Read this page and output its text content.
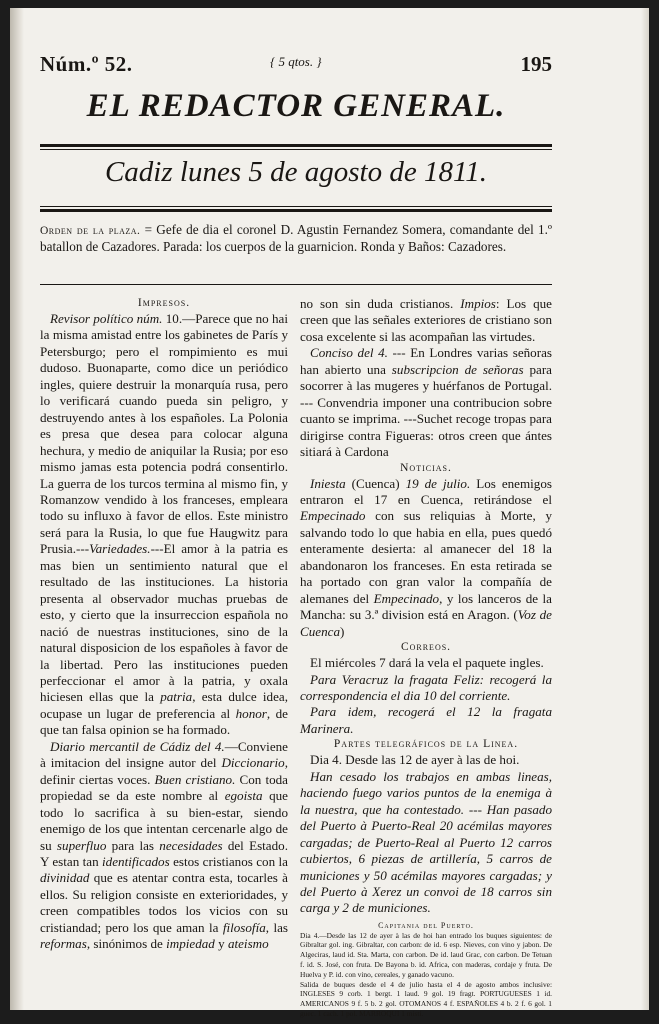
Núm.º 52.	{ 5 qtos. }	195
EL REDACTOR GENERAL.
Cadiz lunes 5 de agosto de 1811.
Orden de la plaza. = Gefe de dia el coronel D. Agustin Fernandez Somera, comandante del 1.º batallon de Cazadores. Parada: los cuerpos de la guarnicion. Ronda y Baños: Cazadores.
Impresos.

Revisor político núm. 10.—Parece que no hai la misma amistad entre los gabinetes de París y Petersburgo; pero el rompimiento es mui dudoso. Buonaparte, como dice un periódico ingles, quiere destruir la monarquía rusa, pero lo verificará cuando pueda sin peligro, y destruyendo antes à los españoles. La Polonia es presa que desea para colocar alguna hechura, y medio de aniquilar la Rusia; por eso mismo jamas esta potencia podrá consentirlo. La guerra de los turcos termina al mismo fin, y Romanzow vendido à los franceses, empleara todo su influxo à favor de ellos. Este ministro será para la Rusia, lo que fue Haugwitz para Prusia.---Variedades.---El amor à la patria es mas bien un sentimiento natural que el resultado de las instituciones. La historia presenta al observador muchas pruebas de esto, y cierto que la insurreccion española no nació de nuestras instituciones, sino de la natural disposicion de los españoles à favor de la libertad. Pero las instituciones pueden perfeccionar el amor à la patria, y oxala hiciesen ellas que la patria, esta dulce idea, ocupase un lugar de preferencia al honor, de que tan falsa opinion se ha formado.

Diario mercantil de Cádiz del 4.—Conviene à imitacion del insigne autor del Diccionario, definir ciertas voces. Buen cristiano. Con toda propiedad se da este nombre al egoista que todo lo sacrifica à su bien-estar, siendo enemigo de los que intentan cercenarle algo de su superfluo para las necesidades del Estado. Y estan tan identificados estos cristianos con la divinidad que es atentar contra esta, tocarles à ellos. Su religion consiste en exterioridades, y creen compatibles todos los vicios con su cristiandad; pero los que aman la filosofía, las reformas, sinónimos de impiedad y ateismo

no son sin duda cristianos. Impios: Los que creen que las señales exteriores de cristiano son cosa excelente si las acompañan las virtudes.

Conciso del 4. --- En Londres varias señoras han abierto una subscripcion de señoras para socorrer à las mugeres y huérfanos de Portugal. --- Convendria imponer una contribucion sobre cuanto se imprima. ---Suchet recoge tropas para dirigirse contra Figueras: otros creen que ántes sitiará à Cardona

Noticias.

Iniesta (Cuenca) 19 de julio. Los enemigos entraron el 17 en Cuenca, retirándose el Empecinado con sus reliquias à Morte, y salvando todo lo que habia en ella, pues quedó enteramente desierta: al amanecer del 18 la abandonaron los franceses. En esta retirada se ha portado con gran valor la compañía de alemanes del Empecinado, y los lanceros de la Mancha: su 3.ª division está en Aragon. (Voz de Cuenca)

Correos.

El miércoles 7 dará la vela el paquete ingles.

Para Veracruz la fragata Feliz: recogerá la correspondencia el dia 10 del corriente.

Para idem, recogerá el 12 la fragata Marinera.

Partes telegráficos de la Linea.

Dia 4. Desde las 12 de ayer à las de hoi.

Han cesado los trabajos en ambas lineas, haciendo fuego varios puntos de la enemiga à la nuestra, que ha contestado. --- Han pasado del Puerto à Puerto-Real 20 acémilas mayores cargadas; de Puerto-Real al Puerto 12 carros cubiertos, 6 piezas de artillería, 5 carros de municiones y 50 acémilas mayores cargadas; y del Puerto à Xerez un convoi de 18 carros sin carga y 2 de municiones.

Capitania del Puerto.
Dia 4.—Desde las 12 de ayer à las de hoi han entrado los buques siguientes: de Gibraltar gol. ing. Gibraltar, con carbon: de id. 6 esp. Nieves, con vino y jabon. De Algeciras, laud id. Sta. Marta, con carbon. De id. laud Grac, con carbon. De Tetuan f. id. S. José, con fruta. De Bayona b. id. Africa, con maderas, cordaje y fruta. De Huelva y P. id. con vino, cereales, y ganado vacuno.
Salida de buques desde el 4 de julio hasta el 4 de agosto ambos inclusive: INGLESES 9 corb. 1 bergt. 1 laud. 9 gol. 19 fragt. PORTUGUESES 1 id. AMERICANOS 9 f. 5 b. 2 gol. OTOMANOS 4 f. ESPAÑOLES 4 b. 2 f. 6 gol. 1 guec. 1 cach. 1 pol. MARROQUI 1 misti.
